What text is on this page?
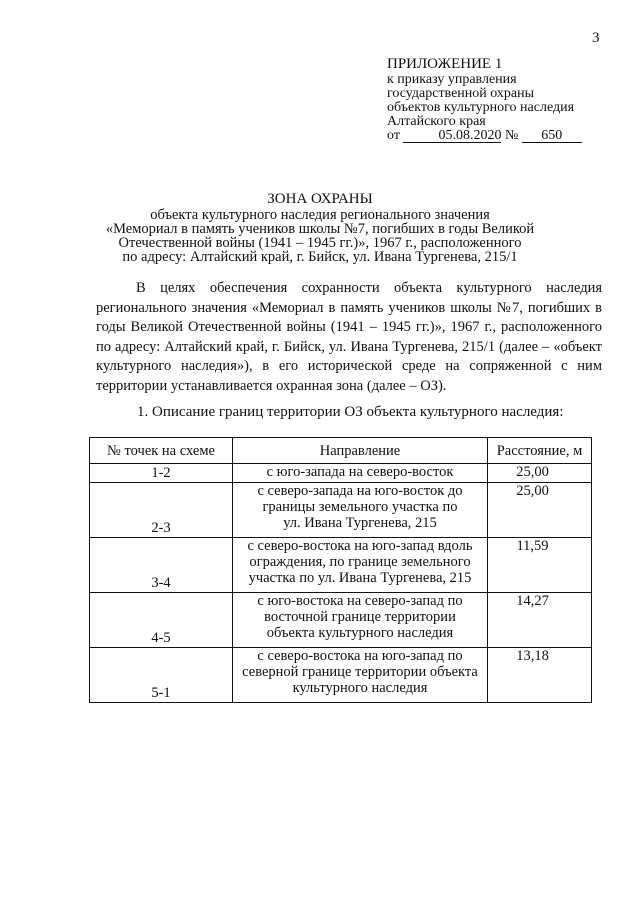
3
ПРИЛОЖЕНИЕ 1
к приказу управления
государственной охраны
объектов культурного наследия
Алтайского края
от	05.08.2020 № 650
ЗОНА ОХРАНЫ
объекта культурного наследия регионального значения
«Мемориал в память учеников школы №7, погибших в годы Великой
Отечественной войны (1941 – 1945 гг.)», 1967 г., расположенного
по адресу: Алтайский край, г. Бийск, ул. Ивана Тургенева, 215/1
В целях обеспечения сохранности объекта культурного наследия регионального значения «Мемориал в память учеников школы №7, погибших в годы Великой Отечественной войны (1941 – 1945 гг.)», 1967 г., расположенного по адресу: Алтайский край, г. Бийск, ул. Ивана Тургенева, 215/1 (далее – «объект культурного наследия»), в его исторической среде на сопряженной с ним территории устанавливается охранная зона (далее – ОЗ).
1. Описание границ территории ОЗ объекта культурного наследия:
№ точек на схеме	Направление	Расстояние, м
1-2	с юго-запада на северо-восток	25,00
2-3	с северо-запада на юго-восток до
границы земельного участка по
ул. Ивана Тургенева, 215	25,00
3-4	с северо-востока на юго-запад вдоль
ограждения, по границе земельного
участка по ул. Ивана Тургенева, 215	11,59
4-5	с юго-востока на северо-запад по
восточной границе территории
объекта культурного наследия	14,27
5-1	с северо-востока на юго-запад по
северной границе территории объекта
культурного наследия	13,18
